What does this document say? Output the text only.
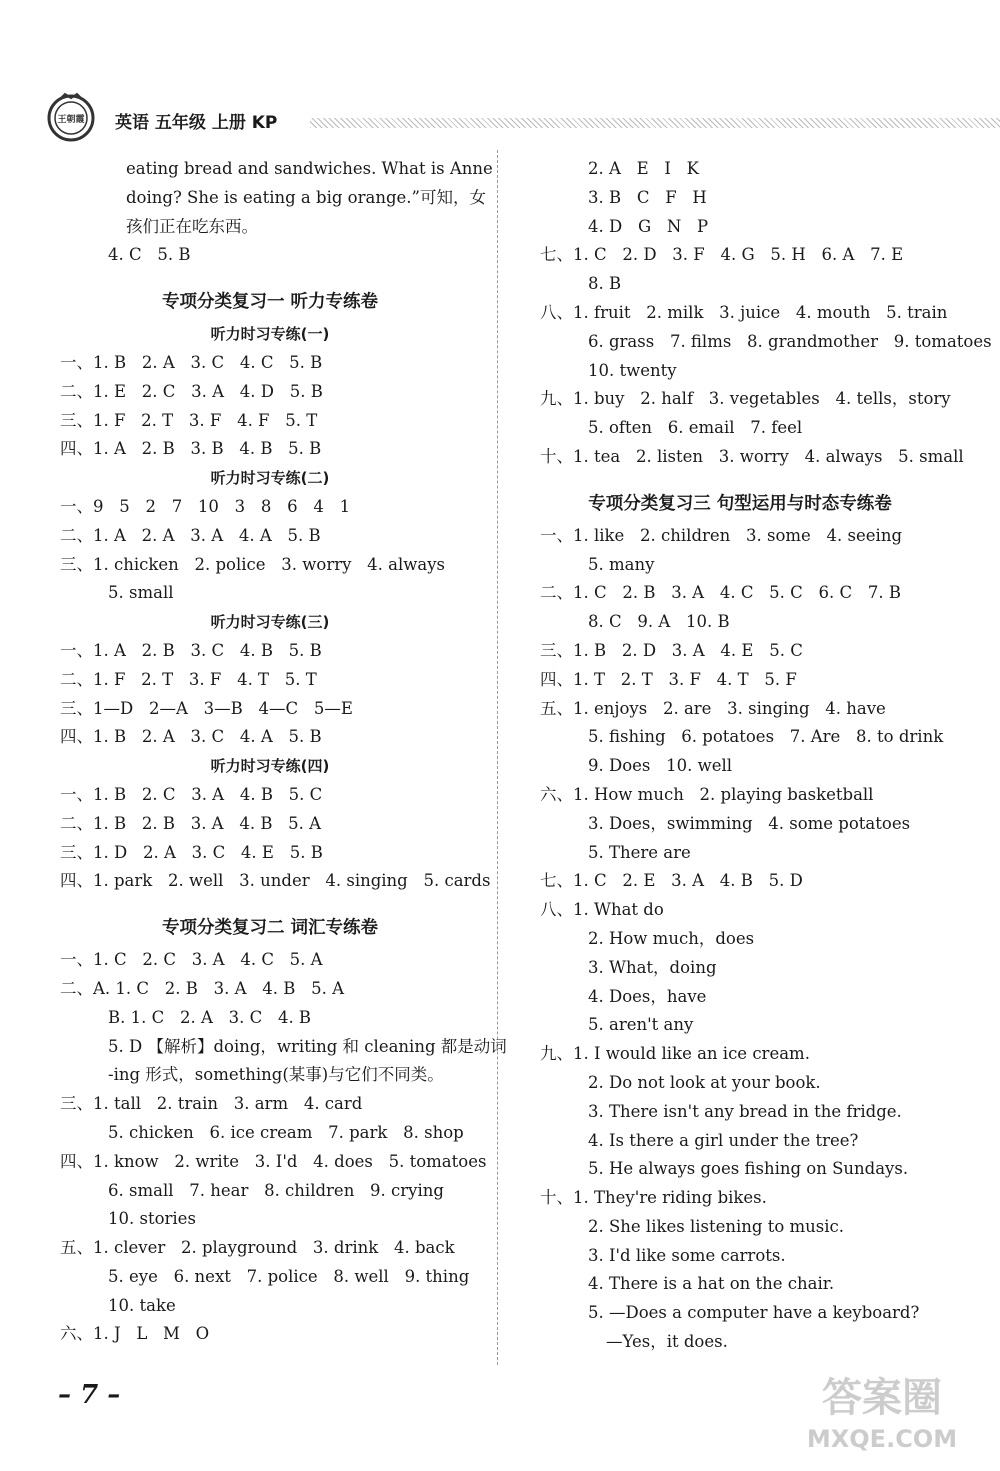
王朝霞 英语 五年级 上册 KP
eating bread and sandwiches. What is Anne
doing? She is eating a big orange.”可知，女
孩们正在吃东西。
4. C   5. B
专项分类复习一 听力专练卷
听力时习专练(一)
一、1. B   2. A   3. C   4. C   5. B
二、1. E   2. C   3. A   4. D   5. B
三、1. F   2. T   3. F   4. F   5. T
四、1. A   2. B   3. B   4. B   5. B
听力时习专练(二)
一、9   5   2   7   10   3   8   6   4   1
二、1. A   2. A   3. A   4. A   5. B
三、1. chicken   2. police   3. worry   4. always
5. small
听力时习专练(三)
一、1. A   2. B   3. C   4. B   5. B
二、1. F   2. T   3. F   4. T   5. T
三、1—D   2—A   3—B   4—C   5—E
四、1. B   2. A   3. C   4. A   5. B
听力时习专练(四)
一、1. B   2. C   3. A   4. B   5. C
二、1. B   2. B   3. A   4. B   5. A
三、1. D   2. A   3. C   4. E   5. B
四、1. park   2. well   3. under   4. singing   5. cards
专项分类复习二 词汇专练卷
一、1. C   2. C   3. A   4. C   5. A
二、A. 1. C   2. B   3. A   4. B   5. A
B. 1. C   2. A   3. C   4. B
5. D 【解析】doing，writing 和 cleaning 都是动词
-ing 形式，something(某事)与它们不同类。
三、1. tall   2. train   3. arm   4. card
5. chicken   6. ice cream   7. park   8. shop
四、1. know   2. write   3. I'd   4. does   5. tomatoes
6. small   7. hear   8. children   9. crying
10. stories
五、1. clever   2. playground   3. drink   4. back
5. eye   6. next   7. police   8. well   9. thing
10. take
六、1. J   L   M   O
2. A   E   I   K
3. B   C   F   H
4. D   G   N   P
七、1. C   2. D   3. F   4. G   5. H   6. A   7. E
8. B
八、1. fruit   2. milk   3. juice   4. mouth   5. train
6. grass   7. films   8. grandmother   9. tomatoes
10. twenty
九、1. buy   2. half   3. vegetables   4. tells，story
5. often   6. email   7. feel
十、1. tea   2. listen   3. worry   4. always   5. small
专项分类复习三 句型运用与时态专练卷
一、1. like   2. children   3. some   4. seeing
5. many
二、1. C   2. B   3. A   4. C   5. C   6. C   7. B
8. C   9. A   10. B
三、1. B   2. D   3. A   4. E   5. C
四、1. T   2. T   3. F   4. T   5. F
五、1. enjoys   2. are   3. singing   4. have
5. fishing   6. potatoes   7. Are   8. to drink
9. Does   10. well
六、1. How much   2. playing basketball
3. Does，swimming   4. some potatoes
5. There are
七、1. C   2. E   3. A   4. B   5. D
八、1. What do
2. How much，does
3. What，doing
4. Does，have
5. aren't any
九、1. I would like an ice cream.
2. Do not look at your book.
3. There isn't any bread in the fridge.
4. Is there a girl under the tree?
5. He always goes fishing on Sundays.
十、1. They're riding bikes.
2. She likes listening to music.
3. I'd like some carrots.
4. There is a hat on the chair.
5. —Does a computer have a keyboard?
—Yes，it does.
– 7 –	答案圈
MXQE.COM
